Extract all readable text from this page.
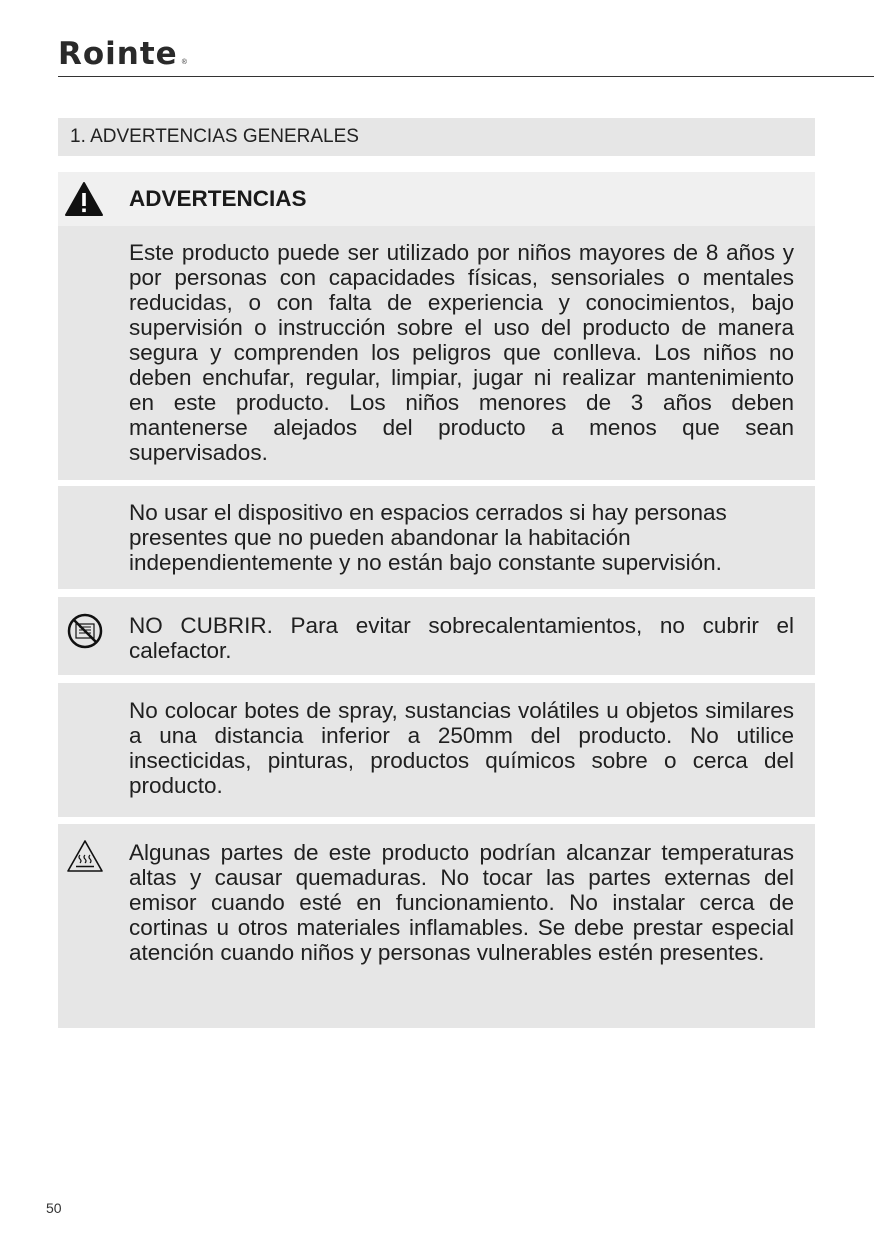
Rointe ®
1. ADVERTENCIAS GENERALES
Este producto puede ser utilizado por niños mayores de 8 años y por personas con capacidades físicas, sensoriales o mentales reducidas, o con falta de experiencia y conocimientos, bajo supervisión o instrucción sobre el uso del producto de manera segura y comprenden los peligros que conlleva. Los niños no deben enchufar, regular, limpiar, jugar ni realizar mantenimiento en este producto. Los niños menores de 3 años deben mantenerse alejados del producto a menos que sean supervisados.
ADVERTENCIAS
No usar el dispositivo en espacios cerrados si hay personas presentes que no pueden abandonar la habitación independientemente y no están bajo constante supervisión.
NO CUBRIR. Para evitar sobrecalentamientos, no cubrir el calefactor.
No colocar botes de spray, sustancias volátiles u objetos similares a una distancia inferior a 250mm del producto. No utilice insecticidas, pinturas, productos químicos sobre o cerca del producto.
Algunas partes de este producto podrían alcanzar temperaturas altas y causar quemaduras. No tocar las partes externas del emisor cuando esté en funcionamiento. No instalar cerca de cortinas u otros materiales inflamables. Se debe prestar especial atención cuando niños y personas vulnerables estén presentes.
50
